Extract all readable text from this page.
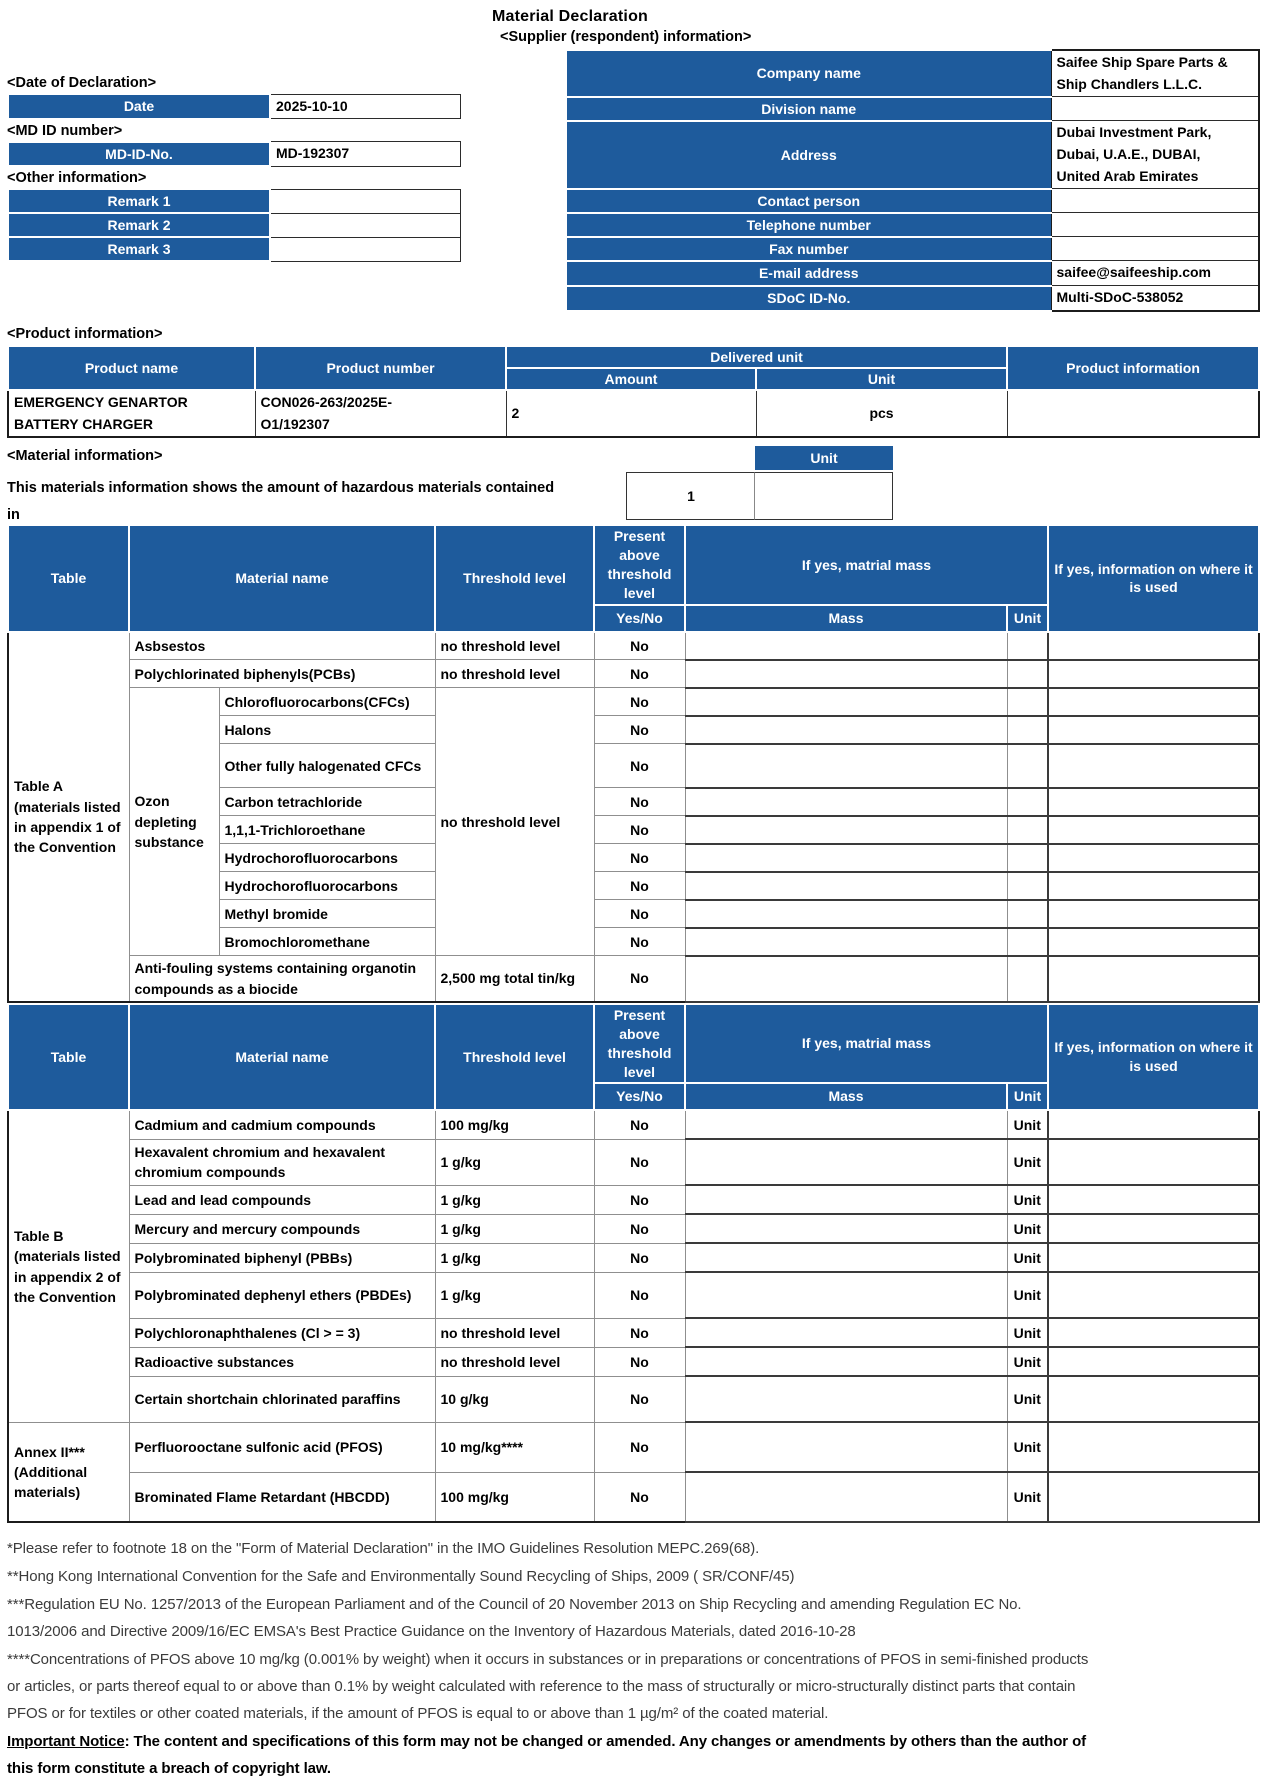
Material Declaration
<Supplier (respondent) information>
<Date of Declaration>
Date	2025-10-10
<MD ID number>
MD-ID-No.	MD-192307
<Other information>
Remark 1	
Remark 2	
Remark 3	
Company name	Saifee Ship Spare Parts & Ship Chandlers L.L.C.
Division name	
Address	Dubai Investment Park, Dubai, U.A.E., DUBAI, United Arab Emirates
Contact person	
Telephone number	
Fax number	
E-mail address	saifee@saifeeship.com
SDoC ID-No.	Multi-SDoC-538052
<Product information>
Product name	Product number	Delivered unit		Product information
		Amount	Unit	
EMERGENCY GENARTOR BATTERY CHARGER	CON026-263/2025E-O1/192307	2	pcs	
<Material information>
This materials information shows the amount of hazardous materials contained in
Unit
1
Table	Material name		Threshold level	Present above threshold level	If yes, matrial mass		If yes, information on where it is used
				Yes/No	Mass	Unit	
Table A (materials listed in appendix 1 of the Convention	Asbsestos		no threshold level	No			
	Polychlorinated biphenyls(PCBs)		no threshold level	No			
	Ozon depleting substance	Chlorofluorocarbons(CFCs)	no threshold level	No			
		Halons		No			
		Other fully halogenated CFCs		No			
		Carbon tetrachloride		No			
		1,1,1-Trichloroethane		No			
		Hydrochorofluorocarbons		No			
		Hydrochorofluorocarbons		No			
		Methyl bromide		No			
		Bromochloromethane		No			
	Anti-fouling systems containing organotin compounds as a biocide		2,500 mg total tin/kg	No			
Table	Material name	Threshold level	Present above threshold level	If yes, matrial mass		If yes, information on where it is used
			Yes/No	Mass	Unit	
Table B (materials listed in appendix 2 of the Convention	Cadmium and cadmium compounds	100 mg/kg	No		Unit	
	Hexavalent chromium and hexavalent chromium compounds	1 g/kg	No		Unit	
	Lead and lead compounds	1 g/kg	No		Unit	
	Mercury and mercury compounds	1 g/kg	No		Unit	
	Polybrominated biphenyl (PBBs)	1 g/kg	No		Unit	
	Polybrominated dephenyl ethers (PBDEs)	1 g/kg	No		Unit	
	Polychloronaphthalenes (Cl > = 3)	no threshold level	No		Unit	
	Radioactive substances	no threshold level	No		Unit	
	Certain shortchain chlorinated paraffins	10 g/kg	No		Unit	
Annex II*** (Additional materials)	Perfluorooctane sulfonic acid (PFOS)	10 mg/kg****	No		Unit	
	Brominated Flame Retardant (HBCDD)	100 mg/kg	No		Unit	

*Please refer to footnote 18 on the "Form of Material Declaration" in the IMO Guidelines Resolution MEPC.269(68).

**Hong Kong International Convention for the Safe and Environmentally Sound Recycling of Ships, 2009 ( SR/CONF/45)

***Regulation EU No. 1257/2013 of the European Parliament and of the Council of 20 November 2013 on Ship Recycling and amending Regulation EC No. 1013/2006 and Directive 2009/16/EC EMSA's Best Practice Guidance on the Inventory of Hazardous Materials, dated 2016-10-28

****Concentrations of PFOS above 10 mg/kg (0.001% by weight) when it occurs in substances or in preparations or concentrations of PFOS in semi-finished products or articles, or parts thereof equal to or above than 0.1% by weight calculated with reference to the mass of structurally or micro-structurally distinct parts that contain PFOS or for textiles or other coated materials, if the amount of PFOS is equal to or above than 1 µg/m² of the coated material.

Important Notice: The content and specifications of this form may not be changed or amended. Any changes or amendments by others than the author of this form constitute a breach of copyright law.
